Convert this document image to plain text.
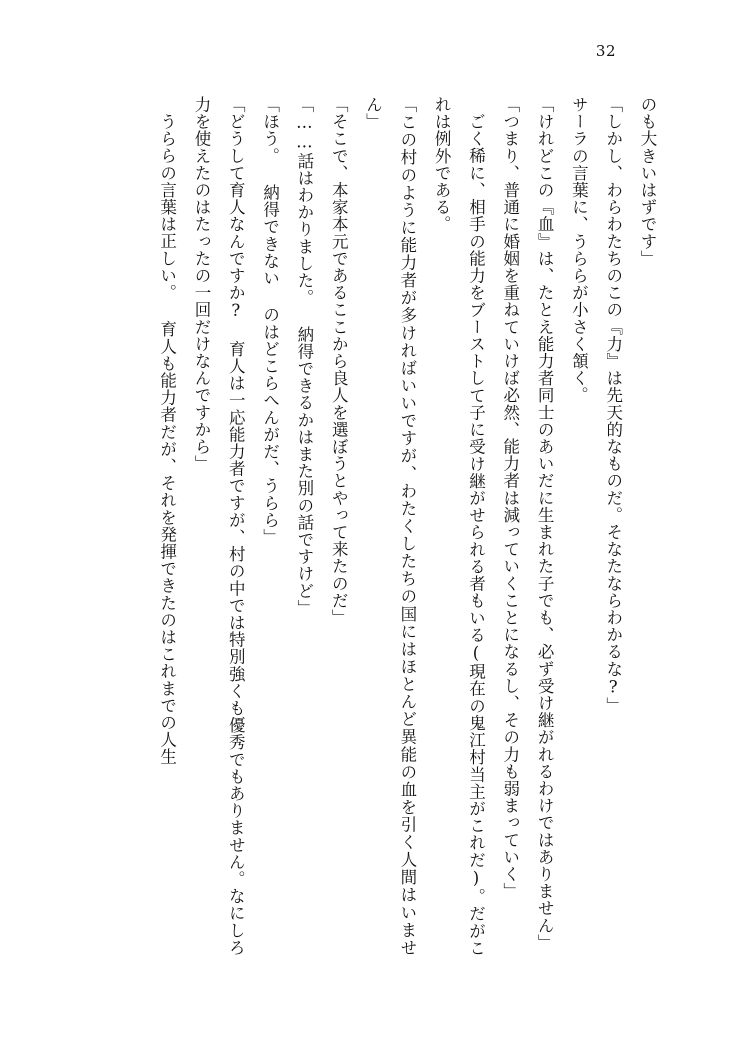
32

のも大きいはずです」

「しかし、わらわたちのこの『力』は先天的なものだ。そなたならわかるな?」

サーラの言葉に、うららが小さく頷く。

「けれどこの『血』は、たとえ能力者同士のあいだに生まれた子でも、必ず受け継がれるわけではありません」

「つまり、普通に婚姻を重ねていけば必然、能力者は減っていくことになるし、その力も弱まっていく」

ごく稀に、相手の能力をブーストして子に受け継がせられる者もいる(現在の鬼江村当主がこれだ)。だがこれは例外である。

「この村のように能力者が多ければいいですが、わたくしたちの国にはほとんど異能の血を引く人間はいません」

「そこで、本家本元であるここから良人を選ぼうとやって来たのだ」

「……話はわかりました。 納得できるかはまた別の話ですけど」

「ほう。 納得できない のはどこらへんがだ、うらら」

「どうして育人なんですか? 育人は一応能力者ですが、村の中では特別強くも優秀でもありません。なにしろ力を使えたのはたったの一回だけなんですから」

うららの言葉は正しい。 育人も能力者だが、それを発揮できたのはこれまでの人生
